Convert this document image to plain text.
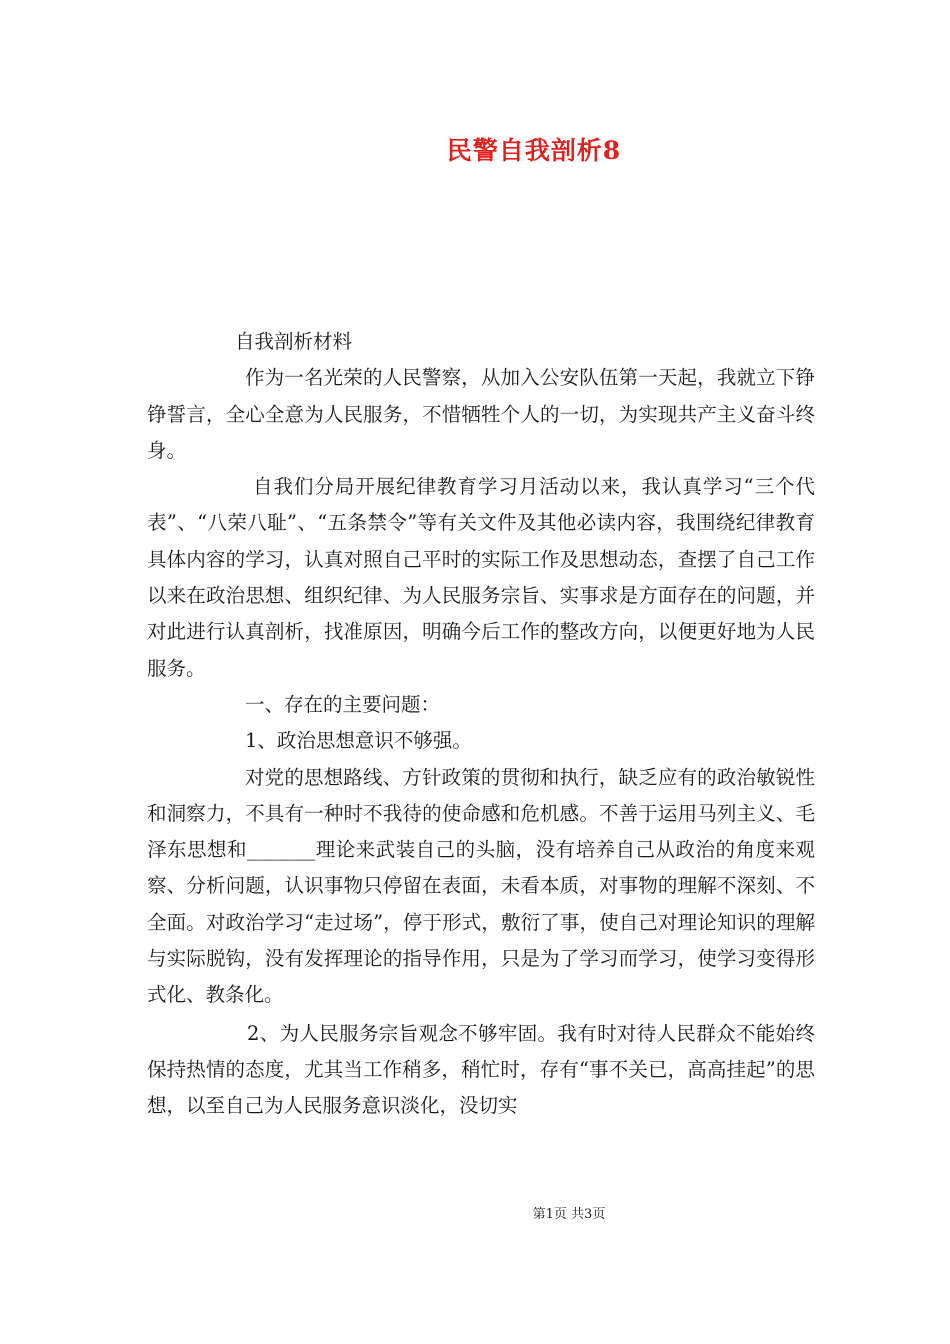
民警自我剖析8

自我剖析材料

作为一名光荣的人民警察，从加入公安队伍第一天起，我就立下铮铮誓言，全心全意为人民服务，不惜牺牲个人的一切，为实现共产主义奋斗终身。

自我们分局开展纪律教育学习月活动以来，我认真学习“三个代表”、“八荣八耻”、“五条禁令”等有关文件及其他必读内容，我围绕纪律教育具体内容的学习，认真对照自己平时的实际工作及思想动态，查摆了自己工作以来在政治思想、组织纪律、为人民服务宗旨、实事求是方面存在的问题，并对此进行认真剖析，找准原因，明确今后工作的整改方向，以便更好地为人民服务。

一、存在的主要问题：

1、政治思想意识不够强。

对党的思想路线、方针政策的贯彻和执行，缺乏应有的政治敏锐性和洞察力，不具有一种时不我待的使命感和危机感。不善于运用马列主义、毛泽东思想和_______理论来武装自己的头脑，没有培养自己从政治的角度来观察、分析问题，认识事物只停留在表面，未看本质，对事物的理解不深刻、不全面。对政治学习“走过场”，停于形式，敷衍了事，使自己对理论知识的理解与实际脱钩，没有发挥理论的指导作用，只是为了学习而学习，使学习变得形式化、教条化。

2、为人民服务宗旨观念不够牢固。我有时对待人民群众不能始终保持热情的态度，尤其当工作稍多，稍忙时，存有“事不关已，高高挂起”的思想，以至自己为人民服务意识淡化，没切实

第1页 共3页
